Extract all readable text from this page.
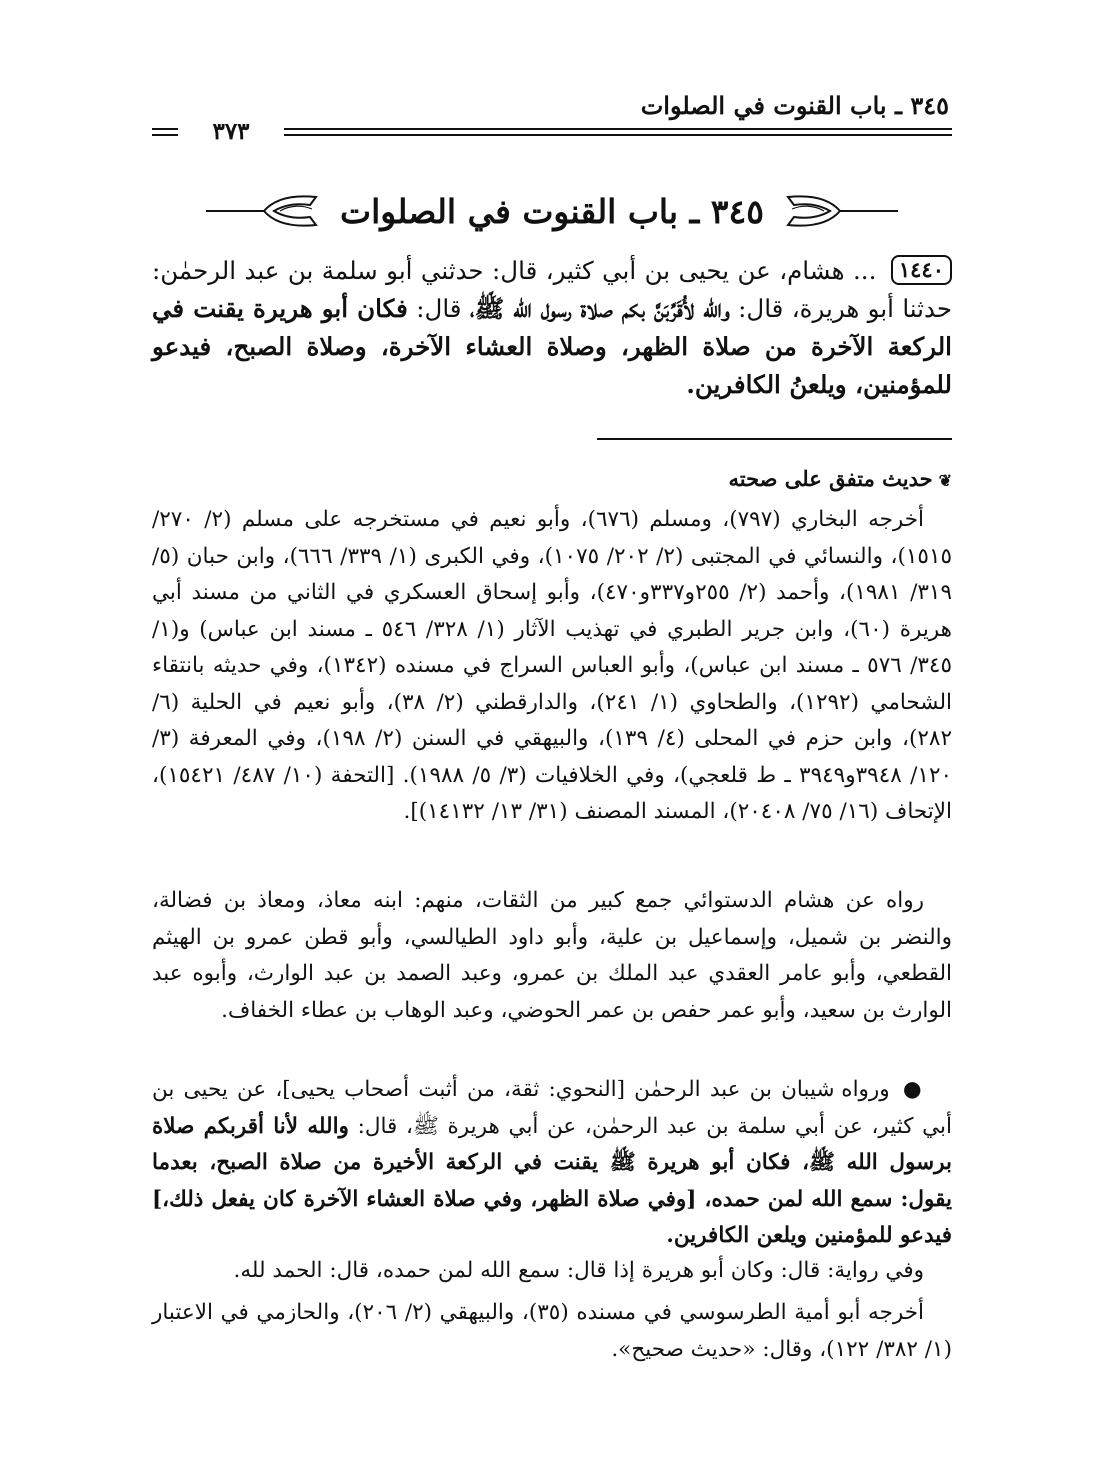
٣٤٥ ـ باب القنوت في الصلوات
٣٧٣
٣٤٥ ـ باب القنوت في الصلوات
١٤٤٠ ... هشام، عن يحيى بن أبي كثير، قال: حدثني أبو سلمة بن عبد الرحمٰن: حدثنا أبو هريرة، قال: والله لأُقَرِّبَنَّ بكم صلاة رسول الله ﷺ، قال: فكان أبو هريرة يقنت في الركعة الآخرة من صلاة الظهر، وصلاة العشاء الآخرة، وصلاة الصبح، فيدعو للمؤمنين، ويلعنُ الكافرين.
❦حديث متفق على صحته

أخرجه البخاري (٧٩٧)، ومسلم (٦٧٦)، وأبو نعيم في مستخرجه على مسلم (٢/ ٢٧٠/ ١٥١٥)، والنسائي في المجتبى (٢/ ٢٠٢/ ١٠٧٥)، وفي الكبرى (١/ ٣٣٩/ ٦٦٦)، وابن حبان (٥/ ٣١٩/ ١٩٨١)، وأحمد (٢/ ٢٥٥و٣٣٧و٤٧٠)، وأبو إسحاق العسكري في الثاني من مسند أبي هريرة (٦٠)، وابن جرير الطبري في تهذيب الآثار (١/ ٣٢٨/ ٥٤٦ ـ مسند ابن عباس) و(١/ ٣٤٥/ ٥٧٦ ـ مسند ابن عباس)، وأبو العباس السراج في مسنده (١٣٤٢)، وفي حديثه بانتقاء الشحامي (١٢٩٢)، والطحاوي (١/ ٢٤١)، والدارقطني (٢/ ٣٨)، وأبو نعيم في الحلية (٦/ ٢٨٢)، وابن حزم في المحلى (٤/ ١٣٩)، والبيهقي في السنن (٢/ ١٩٨)، وفي المعرفة (٣/ ١٢٠/ ٣٩٤٨و٣٩٤٩ ـ ط قلعجي)، وفي الخلافيات (٣/ ٥/ ١٩٨٨). [التحفة (١٠/ ٤٨٧/ ١٥٤٢١)، الإتحاف (١٦/ ٧٥/ ٢٠٤٠٨)، المسند المصنف (٣١/ ١٣/ ١٤١٣٢)].

رواه عن هشام الدستوائي جمع كبير من الثقات، منهم: ابنه معاذ، ومعاذ بن فضالة، والنضر بن شميل، وإسماعيل بن علية، وأبو داود الطيالسي، وأبو قطن عمرو بن الهيثم القطعي، وأبو عامر العقدي عبد الملك بن عمرو، وعبد الصمد بن عبد الوارث، وأبوه عبد الوارث بن سعيد، وأبو عمر حفص بن عمر الحوضي، وعبد الوهاب بن عطاء الخفاف.

● ورواه شيبان بن عبد الرحمٰن [النحوي: ثقة، من أثبت أصحاب يحيى]، عن يحيى بن أبي كثير، عن أبي سلمة بن عبد الرحمٰن، عن أبي هريرة ﷺ، قال: والله لأنا أقربكم صلاة برسول الله ﷺ، فكان أبو هريرة ﷺ يقنت في الركعة الأخيرة من صلاة الصبح، بعدما يقول: سمع الله لمن حمده، [وفي صلاة الظهر، وفي صلاة العشاء الآخرة كان يفعل ذلك،] فيدعو للمؤمنين ويلعن الكافرين.

وفي رواية: قال: وكان أبو هريرة إذا قال: سمع الله لمن حمده، قال: الحمد لله.

أخرجه أبو أمية الطرسوسي في مسنده (٣٥)، والبيهقي (٢/ ٢٠٦)، والحازمي في الاعتبار (١/ ٣٨٢/ ١٢٢)، وقال: «حديث صحيح».
